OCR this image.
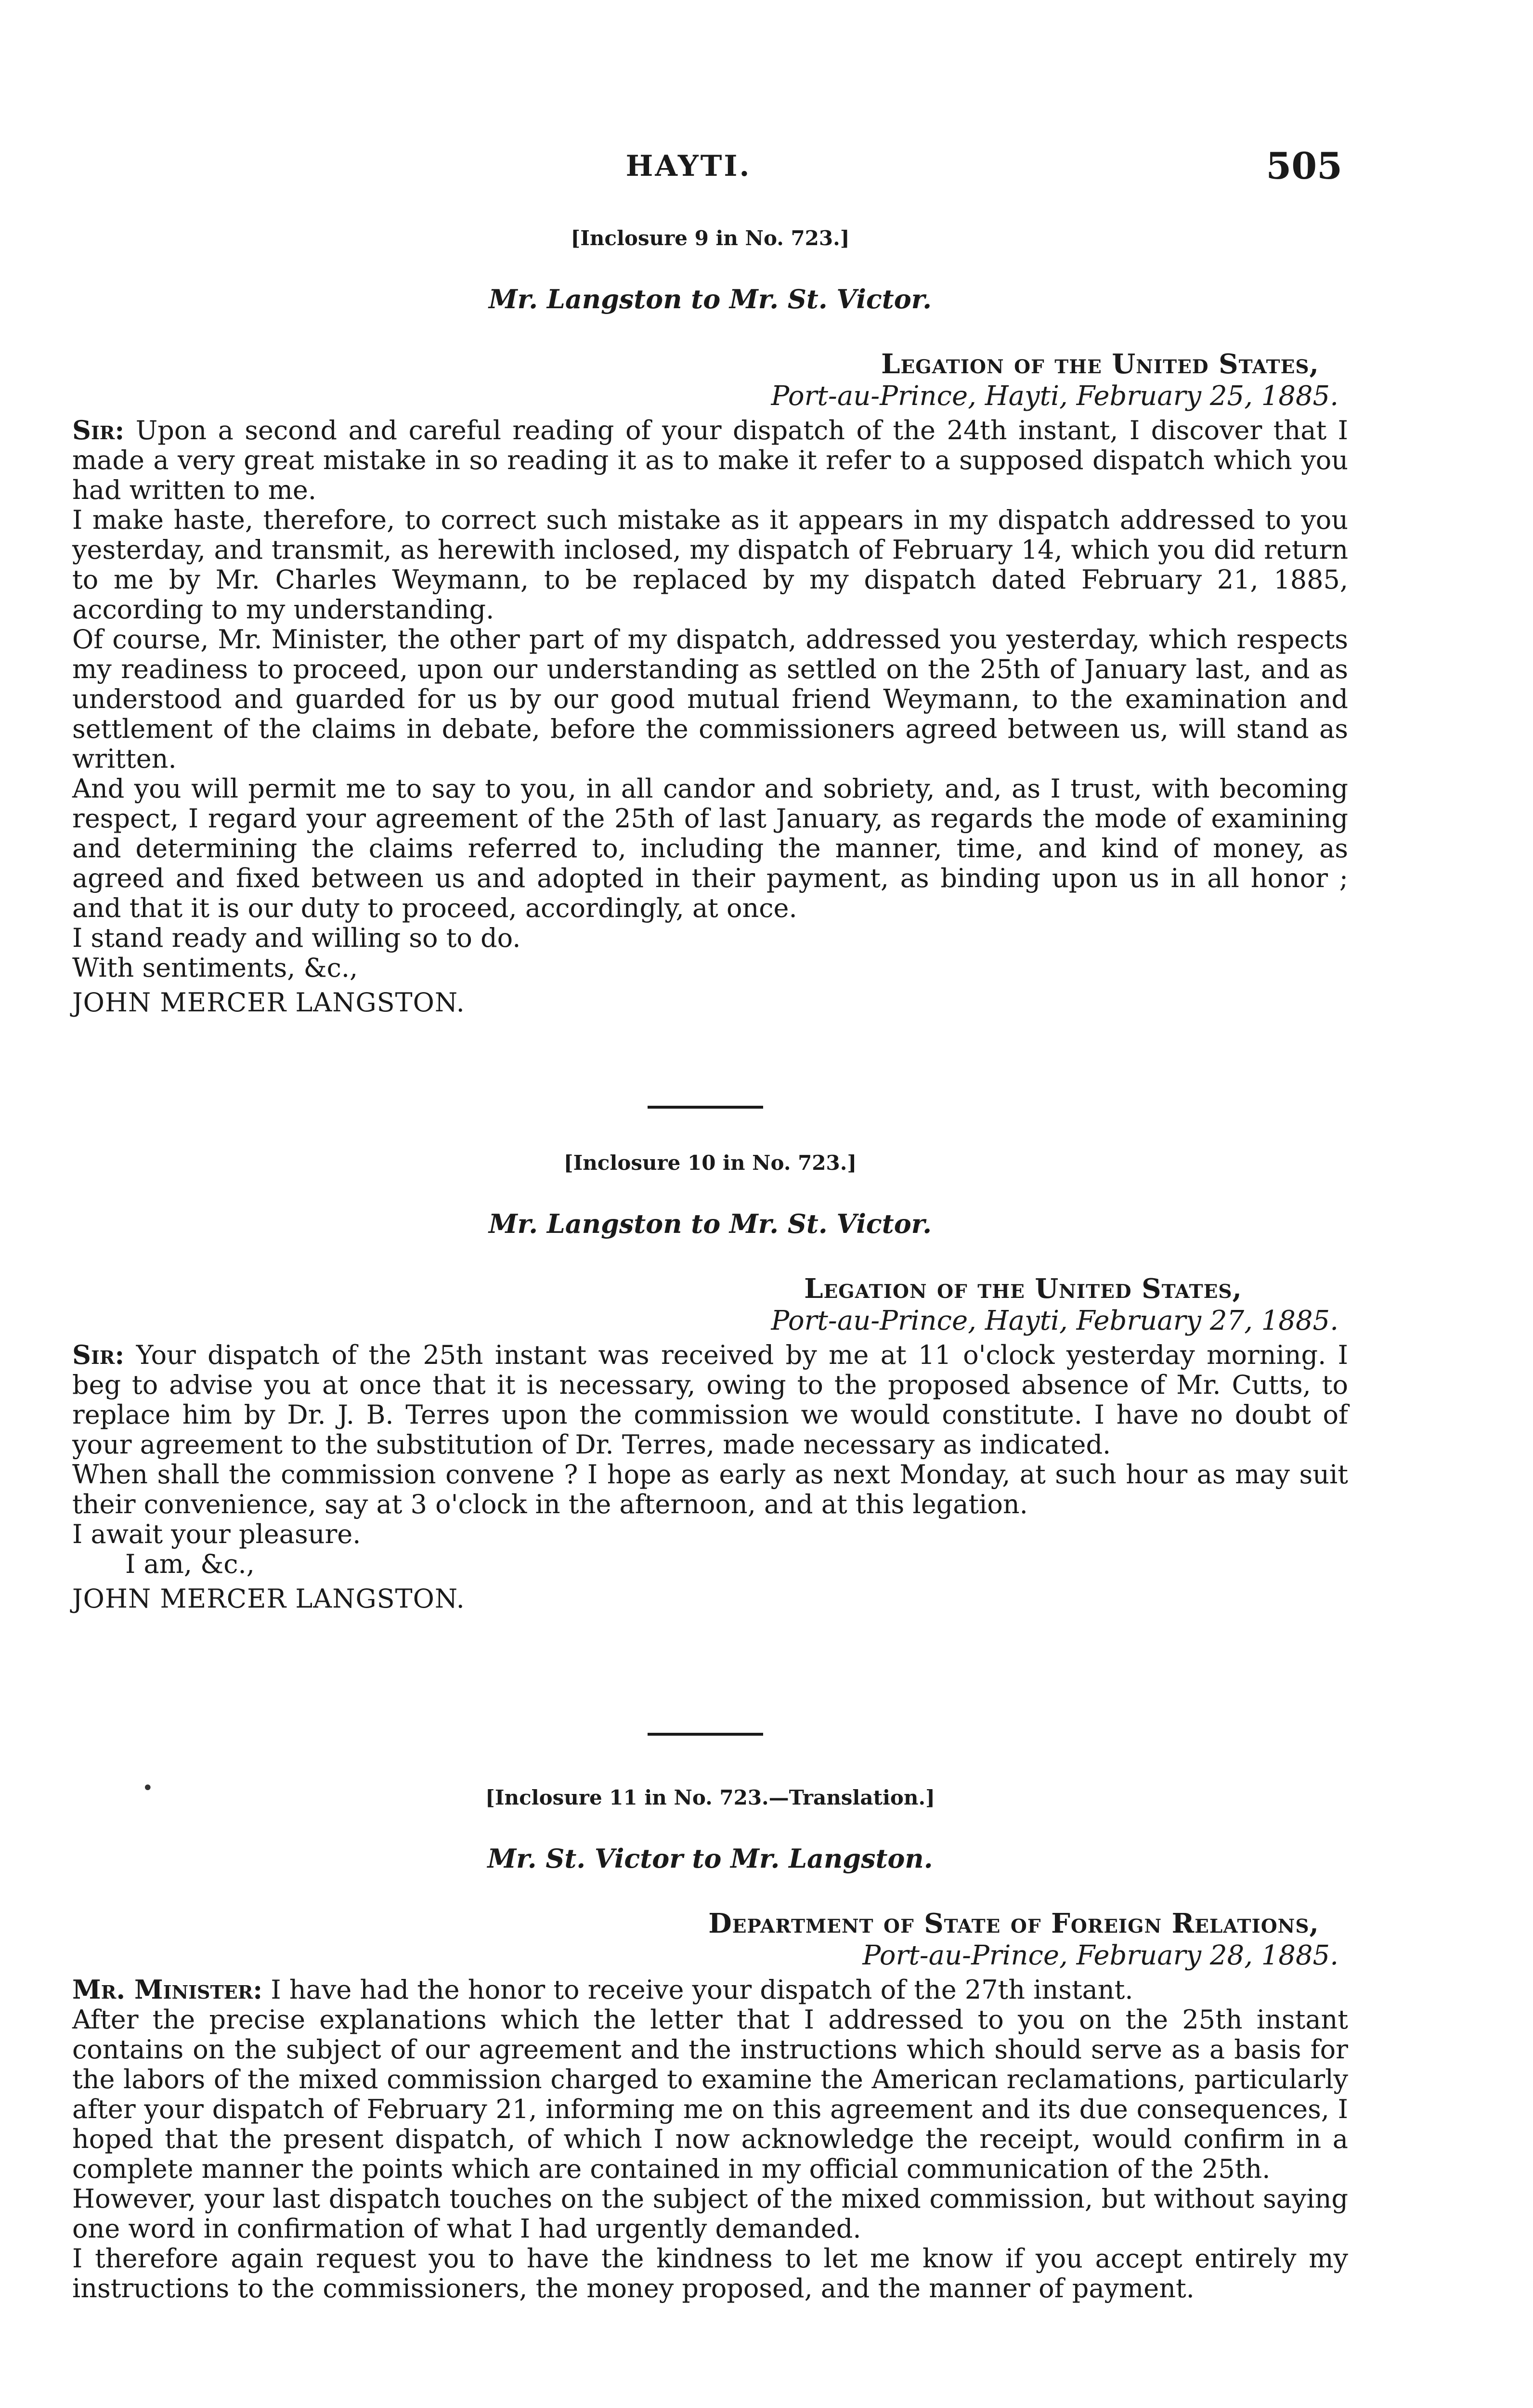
HAYTI.	505

[Inclosure 9 in No. 723.]

Mr. Langston to Mr. St. Victor.

Legation of the United States,

Port-au-Prince, Hayti, February 25, 1885.

Sir: Upon a second and careful reading of your dispatch of the 24th instant, I discover that I made a very great mistake in so reading it as to make it refer to a supposed dispatch which you had written to me.

I make haste, therefore, to correct such mistake as it appears in my dispatch addressed to you yesterday, and transmit, as herewith inclosed, my dispatch of February 14, which you did return to me by Mr. Charles Weymann, to be replaced by my dispatch dated February 21, 1885, according to my understanding.

Of course, Mr. Minister, the other part of my dispatch, addressed you yesterday, which respects my readiness to proceed, upon our understanding as settled on the 25th of January last, and as understood and guarded for us by our good mutual friend Weymann, to the examination and settlement of the claims in debate, before the commissioners agreed between us, will stand as written.

And you will permit me to say to you, in all candor and sobriety, and, as I trust, with becoming respect, I regard your agreement of the 25th of last January, as regards the mode of examining and determining the claims referred to, including the manner, time, and kind of money, as agreed and fixed between us and adopted in their payment, as binding upon us in all honor ; and that it is our duty to proceed, accordingly, at once.

I stand ready and willing so to do.

With sentiments, &c.,

JOHN MERCER LANGSTON.

[Inclosure 10 in No. 723.]

Mr. Langston to Mr. St. Victor.

Legation of the United States,

Port-au-Prince, Hayti, February 27, 1885.

Sir: Your dispatch of the 25th instant was received by me at 11 o'clock yesterday morning. I beg to advise you at once that it is necessary, owing to the proposed absence of Mr. Cutts, to replace him by Dr. J. B. Terres upon the commission we would constitute. I have no doubt of your agreement to the substitution of Dr. Terres, made necessary as indicated.

When shall the commission convene ? I hope as early as next Monday, at such hour as may suit their convenience, say at 3 o'clock in the afternoon, and at this legation.

I await your pleasure.

I am, &c.,

JOHN MERCER LANGSTON.

•	[Inclosure 11 in No. 723.—Translation.]

Mr. St. Victor to Mr. Langston.

Department of State of Foreign Relations,

Port-au-Prince, February 28, 1885.

Mr. Minister: I have had the honor to receive your dispatch of the 27th instant.

After the precise explanations which the letter that I addressed to you on the 25th instant contains on the subject of our agreement and the instructions which should serve as a basis for the labors of the mixed commission charged to examine the American reclamations, particularly after your dispatch of February 21, informing me on this agreement and its due consequences, I hoped that the present dispatch, of which I now acknowledge the receipt, would confirm in a complete manner the points which are contained in my official communication of the 25th.

However, your last dispatch touches on the subject of the mixed commission, but without saying one word in confirmation of what I had urgently demanded.

I therefore again request you to have the kindness to let me know if you accept entirely my instructions to the commissioners, the money proposed, and the manner of payment.
